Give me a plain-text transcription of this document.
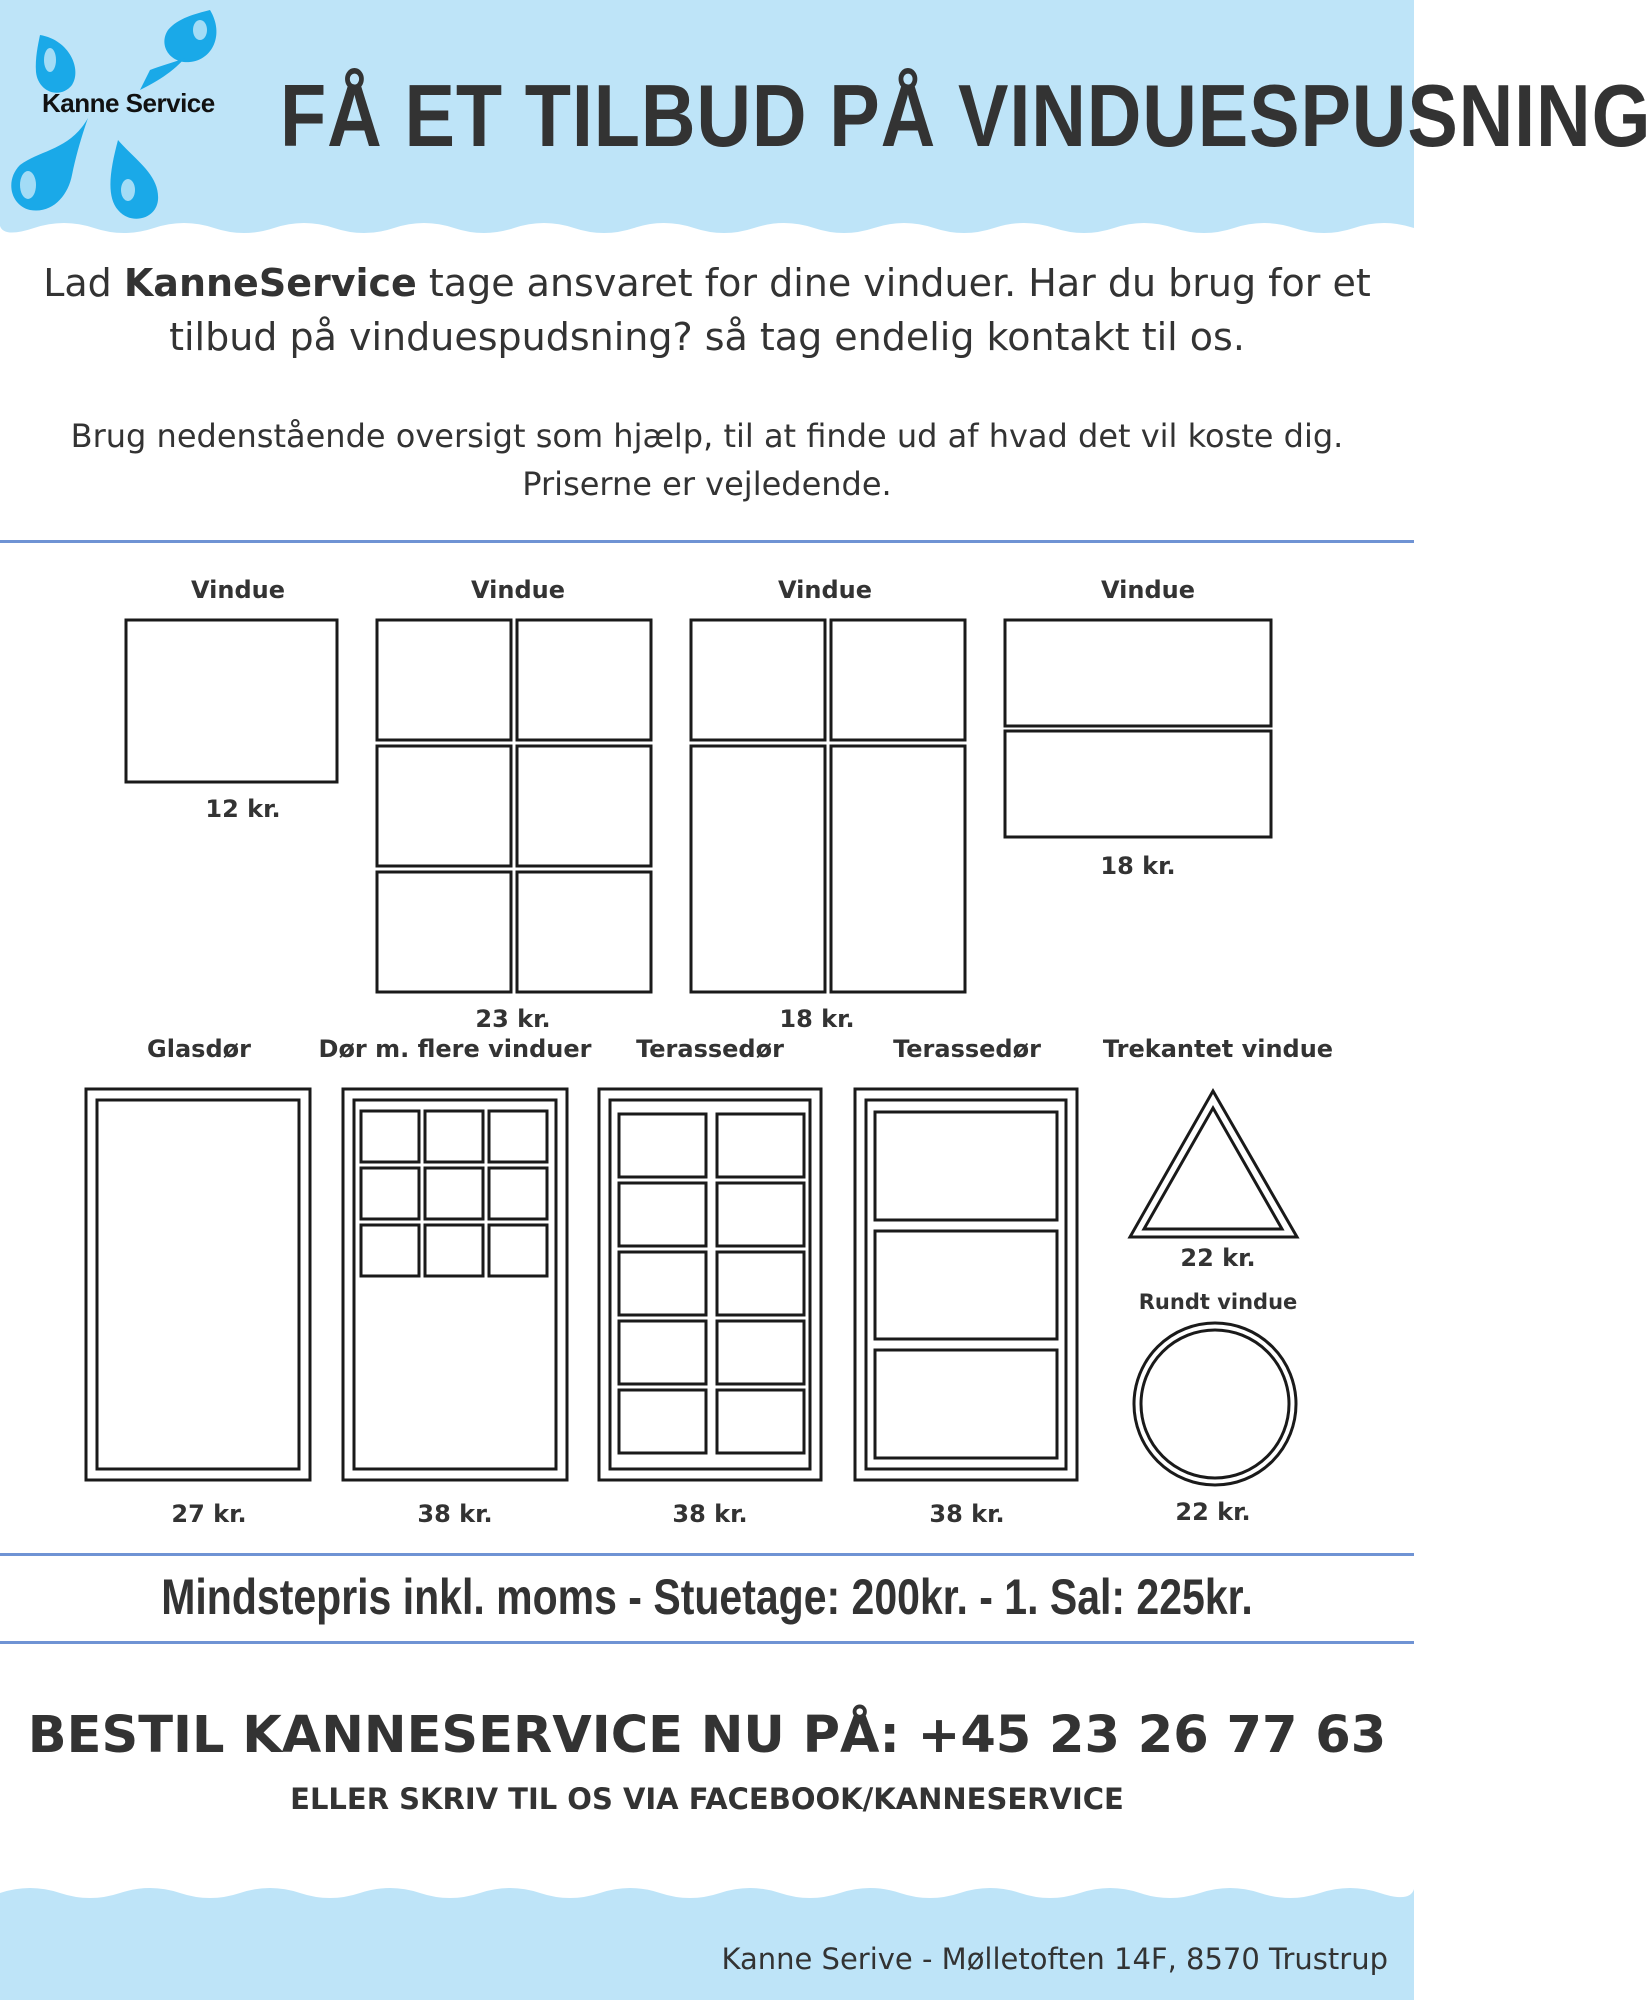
Kanne Service FÅ ET TILBUD PÅ VINDUESPUSNING
Lad KanneService tage ansvaret for dine vinduer. Har du brug for et tilbud på vinduespudsning? så tag endelig kontakt til os.
Brug nedenstående oversigt som hjælp, til at finde ud af hvad det vil koste dig.
Priserne er vejledende.
Vindue	Vindue	Vindue	Vindue
12 kr.
23 kr.	18 kr.
18 kr.
Glasdør	Dør m. flere vinduer Terassedør	Terassedør	Trekantet vindue
27 kr.	38 kr.	38 kr.	38 kr.
22 kr.
Rundt vindue
22 kr.
Mindstepris inkl. moms - Stuetage: 200kr. - 1. Sal: 225kr.
BESTIL KANNESERVICE NU PÅ: +45 23 26 77 63
ELLER SKRIV TIL OS VIA FACEBOOK/KANNESERVICE
Kanne Serive - Mølletoften 14F, 8570 Trustrup
